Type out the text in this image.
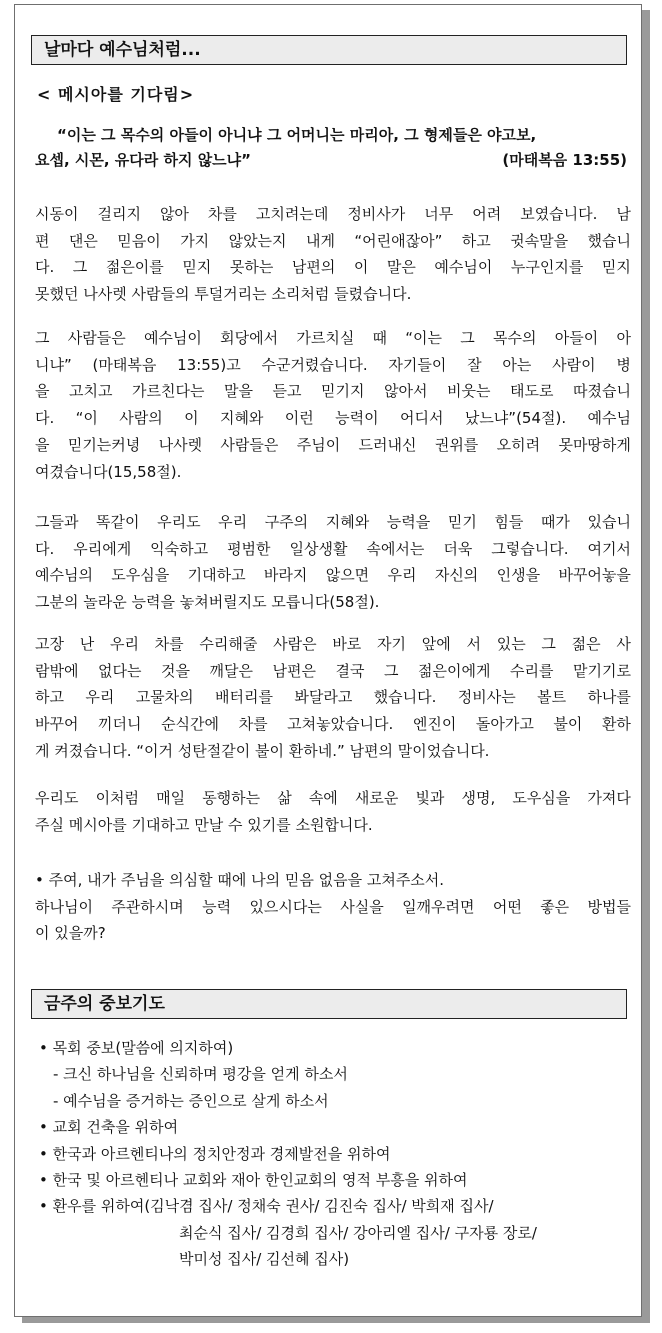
날마다 예수님처럼...
< 메시아를 기다림>
“이는 그 목수의 아들이 아니냐 그 어머니는 마리아, 그 형제들은 야고보,
요셉, 시몬, 유다라 하지 않느냐”	(마태복음 13:55)
시동이 걸리지 않아 차를 고치려는데 정비사가 너무 어려 보였습니다. 남
편 댄은 믿음이 가지 않았는지 내게 “어린애잖아” 하고 귓속말을 했습니
다. 그 젊은이를 믿지 못하는 남편의 이 말은 예수님이 누구인지를 믿지
못했던 나사렛 사람들의 투덜거리는 소리처럼 들렸습니다.
그 사람들은 예수님이 회당에서 가르치실 때 “이는 그 목수의 아들이 아
니냐” (마태복음 13:55)고 수군거렸습니다. 자기들이 잘 아는 사람이 병
을 고치고 가르친다는 말을 듣고 믿기지 않아서 비웃는 태도로 따졌습니
다. “이 사람의 이 지혜와 이런 능력이 어디서 났느냐”(54절). 예수님
을 믿기는커녕 나사렛 사람들은 주님이 드러내신 권위를 오히려 못마땅하게
여겼습니다(15,58절).
그들과 똑같이 우리도 우리 구주의 지혜와 능력을 믿기 힘들 때가 있습니
다. 우리에게 익숙하고 평범한 일상생활 속에서는 더욱 그렇습니다. 여기서
예수님의 도우심을 기대하고 바라지 않으면 우리 자신의 인생을 바꾸어놓을
그분의 놀라운 능력을 놓쳐버릴지도 모릅니다(58절).
고장 난 우리 차를 수리해줄 사람은 바로 자기 앞에 서 있는 그 젊은 사
람밖에 없다는 것을 깨달은 남편은 결국 그 젊은이에게 수리를 맡기기로
하고 우리 고물차의 배터리를 봐달라고 했습니다. 정비사는 볼트 하나를
바꾸어 끼더니 순식간에 차를 고쳐놓았습니다. 엔진이 돌아가고 불이 환하
게 켜졌습니다. “이거 성탄절같이 불이 환하네.” 남편의 말이었습니다.
우리도 이처럼 매일 동행하는 삶 속에 새로운 빛과 생명, 도우심을 가져다
주실 메시아를 기대하고 만날 수 있기를 소원합니다.
• 주여, 내가 주님을 의심할 때에 나의 믿음 없음을 고쳐주소서.
하나님이 주관하시며 능력 있으시다는 사실을 일깨우려면 어떤 좋은 방법들
이 있을까?
금주의 중보기도
• 목회 중보(말씀에 의지하여)
- 크신 하나님을 신뢰하며 평강을 얻게 하소서
- 예수님을 증거하는 증인으로 살게 하소서
• 교회 건축을 위하여
• 한국과 아르헨티나의 정치안정과 경제발전을 위하여
• 한국 및 아르헨티나 교회와 재아 한인교회의 영적 부흥을 위하여
• 환우를 위하여(김낙겸 집사/ 정채숙 권사/ 김진숙 집사/ 박희재 집사/
최순식 집사/ 김경희 집사/ 강아리엘 집사/ 구자룡 장로/
박미성 집사/ 김선혜 집사)
